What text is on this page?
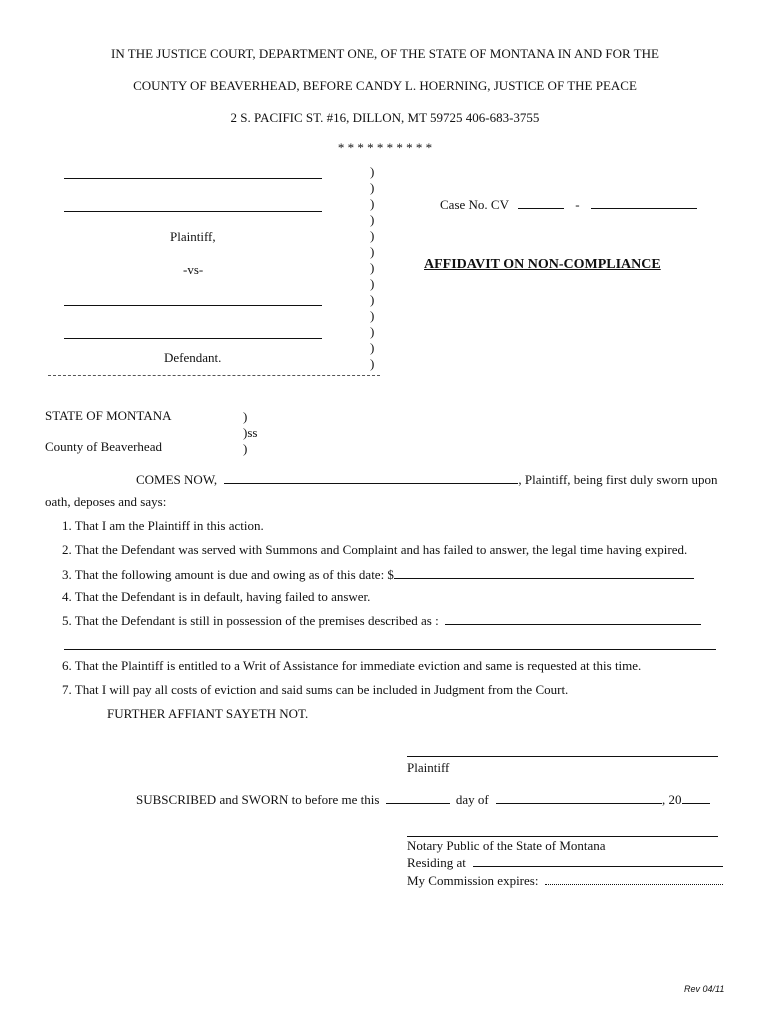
IN THE JUSTICE COURT, DEPARTMENT ONE, OF THE STATE OF MONTANA IN AND FOR THE
COUNTY OF BEAVERHEAD, BEFORE CANDY L. HOERNING, JUSTICE OF THE PEACE
2 S. PACIFIC ST. #16, DILLON, MT 59725 406-683-3755
* * * * * * * * * *
Plaintiff,
-vs-
Defendant.
)
)
)
)
)
)
)
)
)
)
)
)
)
Case No. CV	-
AFFIDAVIT ON NON-COMPLIANCE
STATE OF MONTANA
County of Beaverhead
)
)ss
)
COMES NOW,	, Plaintiff, being first duly sworn upon
oath, deposes and says:
1. That I am the Plaintiff in this action.
2. That the Defendant was served with Summons and Complaint and has failed to answer, the legal time having expired.
3. That the following amount is due and owing as of this date: $
4. That the Defendant is in default, having failed to answer.
5. That the Defendant is still in possession of the premises described as :
6. That the Plaintiff is entitled to a Writ of Assistance for immediate eviction and same is requested at this time.
7. That I will pay all costs of eviction and said sums can be included in Judgment from the Court.
FURTHER AFFIANT SAYETH NOT.
Plaintiff
SUBSCRIBED and SWORN to before me this	day of	, 20
Notary Public of the State of Montana
Residing at
My Commission expires:
Rev 04/11
